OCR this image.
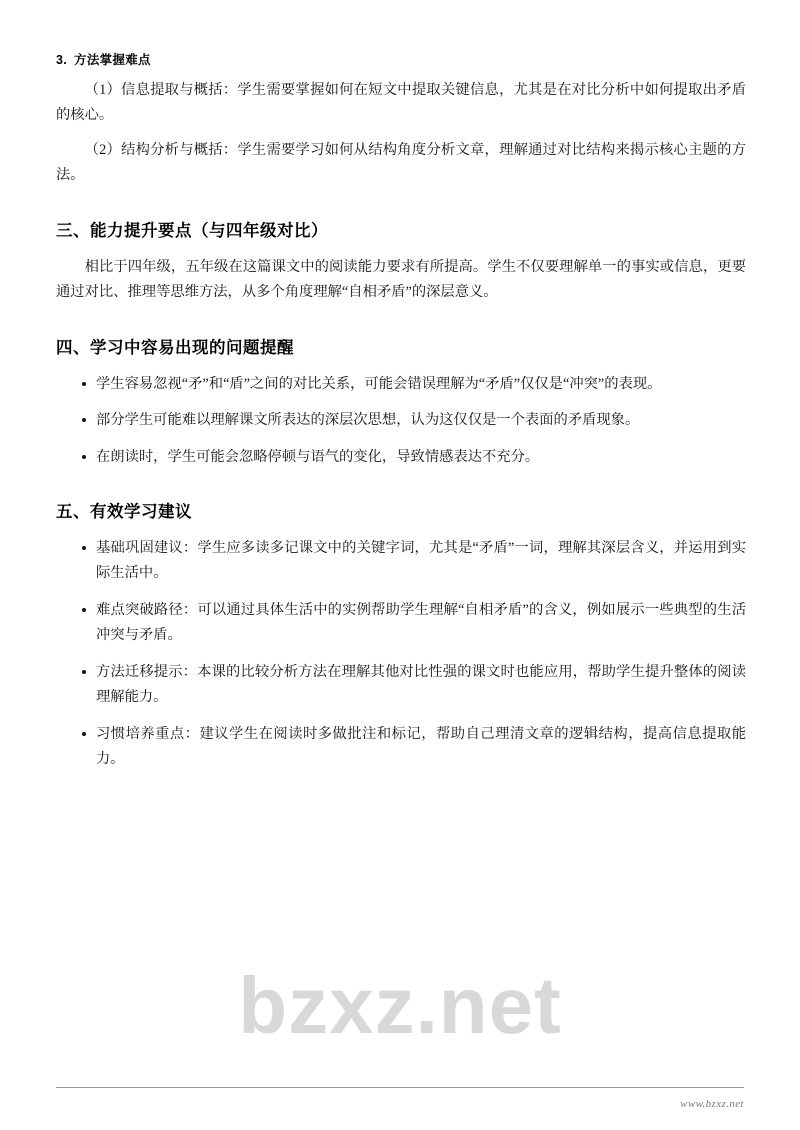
3. 方法掌握难点

（1）信息提取与概括：学生需要掌握如何在短文中提取关键信息，尤其是在对比分析中如何提取出矛盾的核心。

（2）结构分析与概括：学生需要学习如何从结构角度分析文章，理解通过对比结构来揭示核心主题的方法。

三、能力提升要点（与四年级对比）

相比于四年级，五年级在这篇课文中的阅读能力要求有所提高。学生不仅要理解单一的事实或信息，更要通过对比、推理等思维方法，从多个角度理解“自相矛盾”的深层意义。

四、学习中容易出现的问题提醒
学生容易忽视“矛”和“盾”之间的对比关系，可能会错误理解为“矛盾”仅仅是“冲突”的表现。
部分学生可能难以理解课文所表达的深层次思想，认为这仅仅是一个表面的矛盾现象。
在朗读时，学生可能会忽略停顿与语气的变化，导致情感表达不充分。
五、有效学习建议
基础巩固建议：学生应多读多记课文中的关键字词，尤其是“矛盾”一词，理解其深层含义，并运用到实际生活中。
难点突破路径：可以通过具体生活中的实例帮助学生理解“自相矛盾”的含义，例如展示一些典型的生活冲突与矛盾。
方法迁移提示：本课的比较分析方法在理解其他对比性强的课文时也能应用，帮助学生提升整体的阅读理解能力。
习惯培养重点：建议学生在阅读时多做批注和标记，帮助自己理清文章的逻辑结构，提高信息提取能力。
bzxz.net
www.bzxz.net
